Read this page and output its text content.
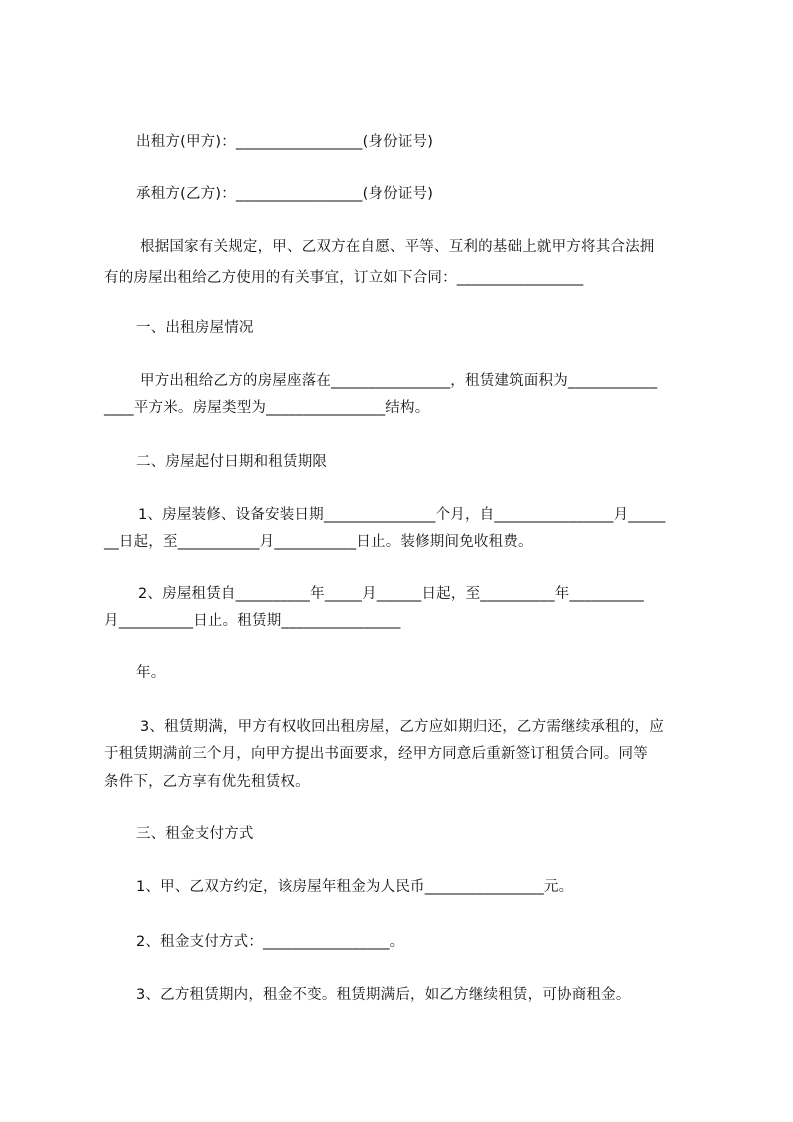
出租方(甲方)：_________________(身份证号)
承租方(乙方)：_________________(身份证号)
根据国家有关规定，甲、乙双方在自愿、平等、互利的基础上就甲方将其合法拥
有的房屋出租给乙方使用的有关事宜，订立如下合同：_________________
一、出租房屋情况
甲方出租给乙方的房屋座落在________________，租赁建筑面积为____________
____平方米。房屋类型为________________结构。
二、房屋起付日期和租赁期限
1、房屋装修、设备安装日期_______________个月，自________________月_____
__日起，至___________月___________日止。装修期间免收租费。
2、房屋租赁自__________年_____月______日起，至__________年__________
月__________日止。租赁期________________
年。
3、租赁期满，甲方有权收回出租房屋，乙方应如期归还，乙方需继续承租的，应
于租赁期满前三个月，向甲方提出书面要求，经甲方同意后重新签订租赁合同。同等
条件下，乙方享有优先租赁权。
三、租金支付方式
1、甲、乙双方约定，该房屋年租金为人民币________________元。
2、租金支付方式：_________________。
3、乙方租赁期内，租金不变。租赁期满后，如乙方继续租赁，可协商租金。
